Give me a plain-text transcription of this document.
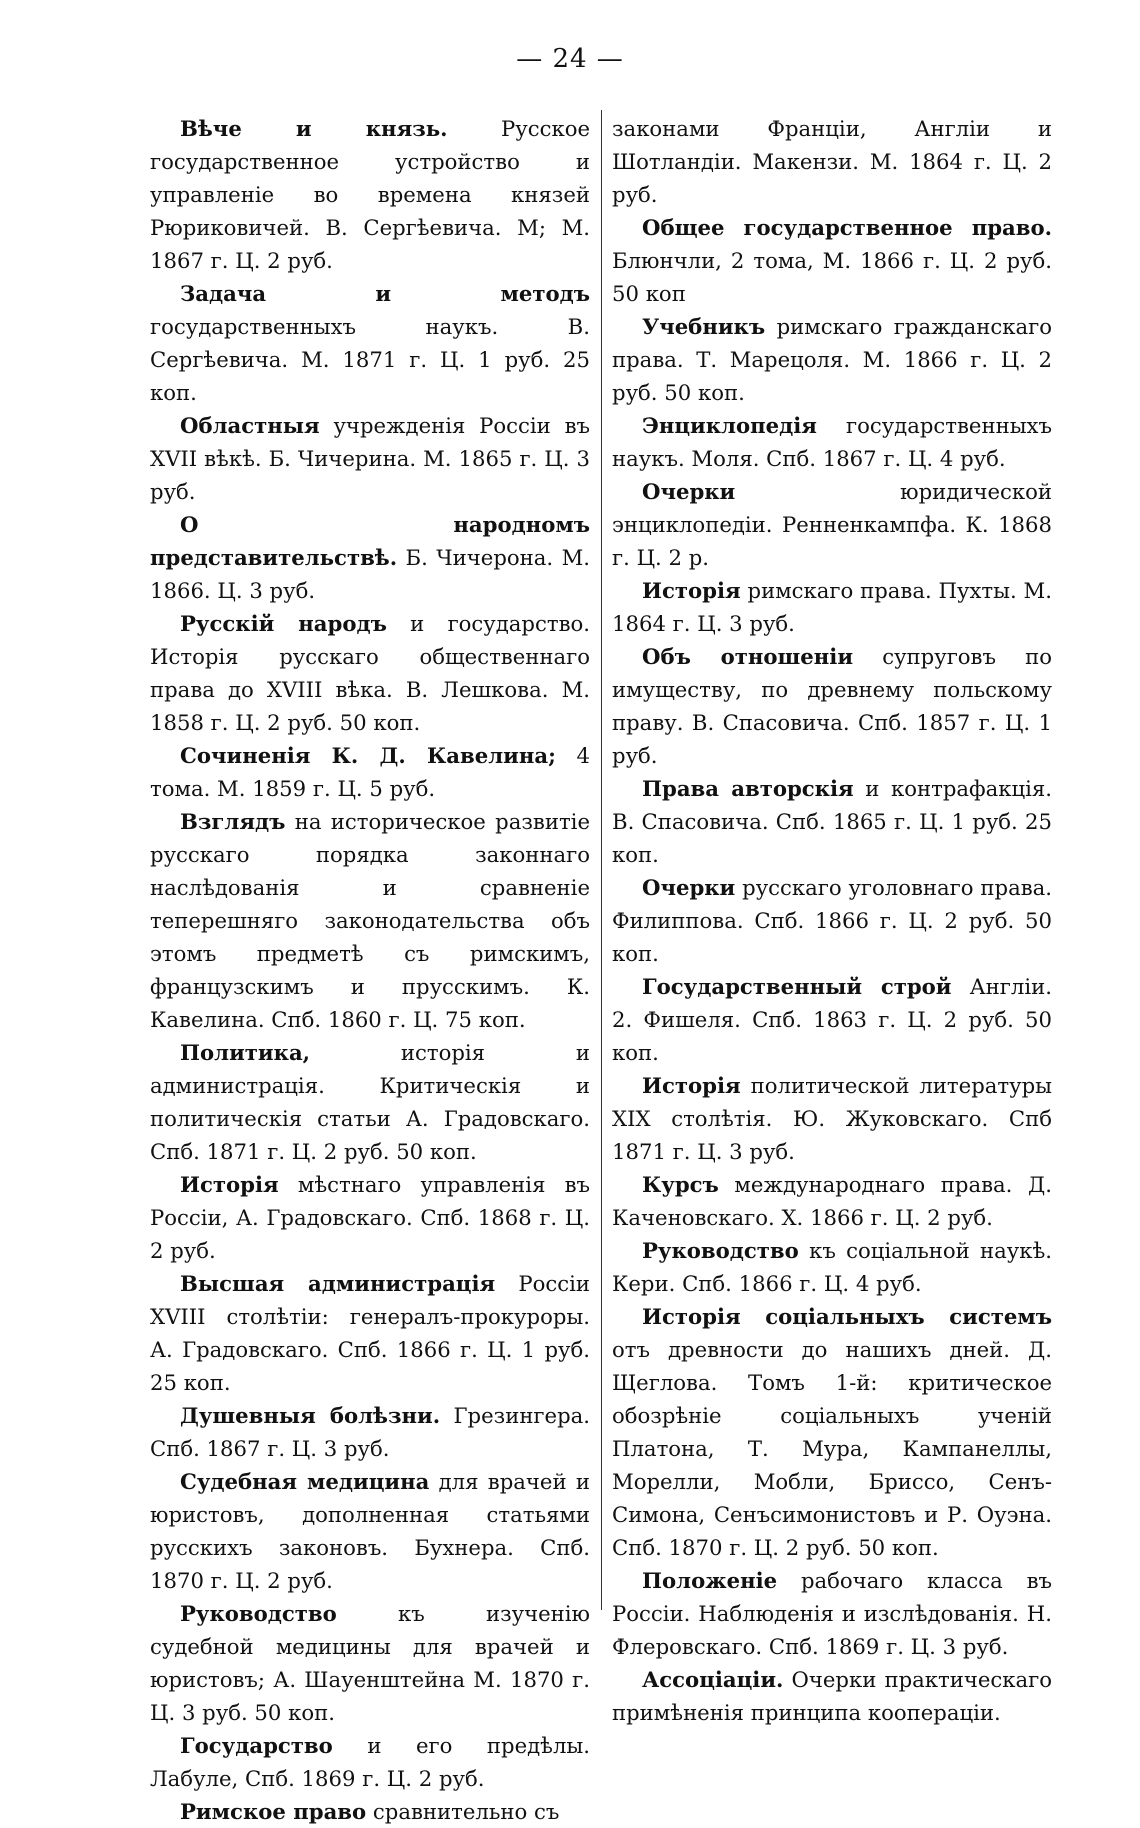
— 24 —

Вѣче и князь. Русское государственное устройство и управленіе во времена князей Рюриковичей. В. Сергѣевича. М; М. 1867 г. Ц. 2 руб.

Задача и методъ государственныхъ наукъ. В. Сергѣевича. М. 1871 г. Ц. 1 руб. 25 коп.

Областныя учрежденія Россіи въ XVII вѣкѣ. Б. Чичерина. М. 1865 г. Ц. 3 руб.

О народномъ представительствѣ. Б. Чичерона. М. 1866. Ц. 3 руб.

Русскій народъ и государство. Исторія русскаго общественнаго права до XVIII вѣка. В. Лешкова. М. 1858 г. Ц. 2 руб. 50 коп.

Сочиненія К. Д. Кавелина; 4 тома. М. 1859 г. Ц. 5 руб.

Взглядъ на историческое развитіе русскаго порядка законнаго наслѣдованія и сравненіе теперешняго законодательства объ этомъ предметѣ съ римскимъ, французскимъ и прусскимъ. К. Кавелина. Спб. 1860 г. Ц. 75 коп.

Политика, исторія и администрація. Критическія и политическія статьи А. Градовскаго. Спб. 1871 г. Ц. 2 руб. 50 коп.

Исторія мѣстнаго управленія въ Россіи, А. Градовскаго. Спб. 1868 г. Ц. 2 руб.

Высшая администрація Россіи XVIII столѣтіи: генералъ-прокуроры. А. Градовскаго. Спб. 1866 г. Ц. 1 руб. 25 коп.

Душевныя болѣзни. Грезингера. Спб. 1867 г. Ц. 3 руб.

Судебная медицина для врачей и юристовъ, дополненная статьями русскихъ законовъ. Бухнера. Спб. 1870 г. Ц. 2 руб.

Руководство къ изученію судебной медицины для врачей и юристовъ; А. Шауенштейна М. 1870 г. Ц. 3 руб. 50 коп.

Государство и его предѣлы. Лабуле, Спб. 1869 г. Ц. 2 руб.

Римское право сравнительно съ

законами Франціи, Англіи и Шотландіи. Макензи. М. 1864 г. Ц. 2 руб.

Общее государственное право. Блюнчли, 2 тома, М. 1866 г. Ц. 2 руб. 50 коп

Учебникъ римскаго гражданскаго права. Т. Марецоля. М. 1866 г. Ц. 2 руб. 50 коп.

Энциклопедія государственныхъ наукъ. Моля. Спб. 1867 г. Ц. 4 руб.

Очерки юридической энциклопедіи. Ренненкампфа. К. 1868 г. Ц. 2 р.

Исторія римскаго права. Пухты. М. 1864 г. Ц. 3 руб.

Объ отношеніи супруговъ по имуществу, по древнему польскому праву. В. Спасовича. Спб. 1857 г. Ц. 1 руб.

Права авторскія и контрафакція. В. Спасовича. Спб. 1865 г. Ц. 1 руб. 25 коп.

Очерки русскаго уголовнаго права. Филиппова. Спб. 1866 г. Ц. 2 руб. 50 коп.

Государственный строй Англіи. 2. Фишеля. Спб. 1863 г. Ц. 2 руб. 50 коп.

Исторія политической литературы XIX столѣтія. Ю. Жуковскаго. Спб 1871 г. Ц. 3 руб.

Курсъ международнаго права. Д. Каченовскаго. Х. 1866 г. Ц. 2 руб.

Руководство къ соціальной наукѣ. Кери. Спб. 1866 г. Ц. 4 руб.

Исторія соціальныхъ системъ отъ древности до нашихъ дней. Д. Щеглова. Томъ 1-й: критическое обозрѣніе соціальныхъ ученій Платона, Т. Мура, Кампанеллы, Морелли, Мобли, Бриссо, Сенъ-Симона, Сенъсимонистовъ и Р. Оуэна. Спб. 1870 г. Ц. 2 руб. 50 коп.

Положеніе рабочаго класса въ Россіи. Наблюденія и изслѣдованія. Н. Флеровскаго. Спб. 1869 г. Ц. 3 руб.

Ассоціаціи. Очерки практическаго примѣненія принципа коопераціи.
